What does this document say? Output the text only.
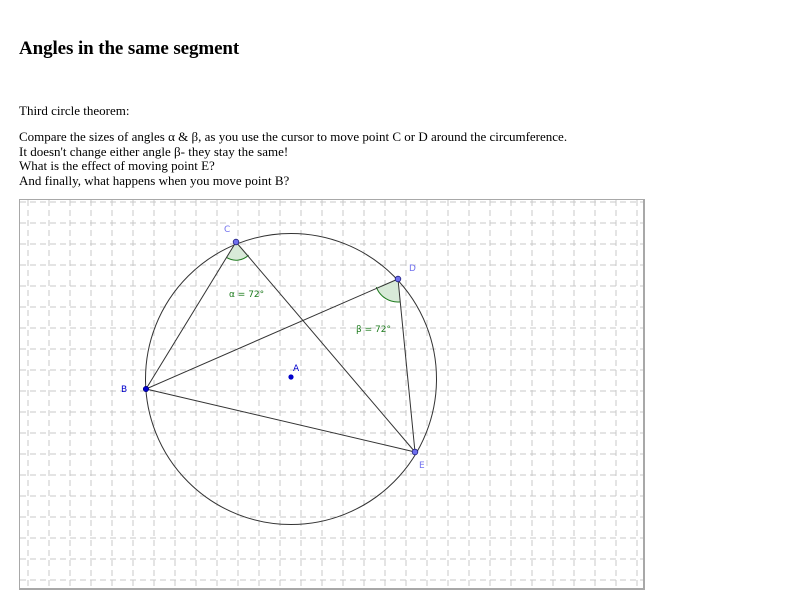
Angles in the same segment

Third circle theorem:

Compare the sizes of angles α & β, as you use the cursor to move point C or D around the circumference.
It doesn't change either angle β- they stay the same!
What is the effect of moving point E?
And finally, what happens when you move point B?
A
B
C
D
E
α = 72°
β = 72°
